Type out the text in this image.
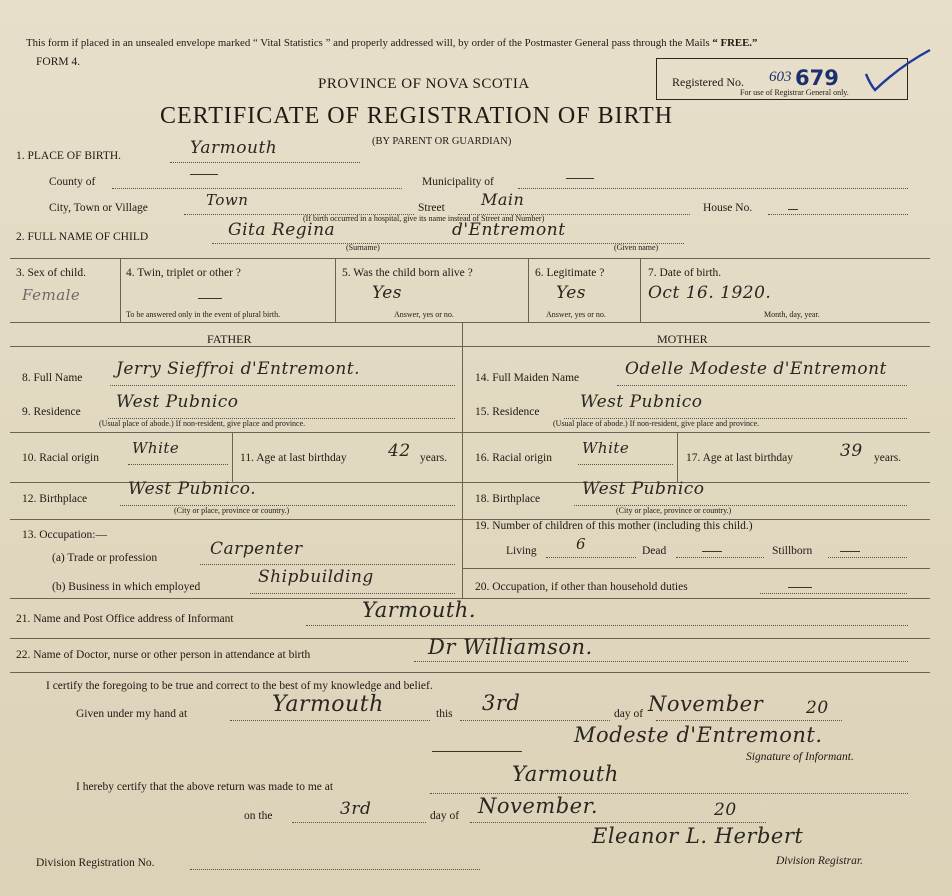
This form if placed in an unsealed envelope marked “ Vital Statistics ” and properly addressed will, by order of the Postmaster General pass through the Mails “ FREE.”
FORM 4.
PROVINCE OF NOVA SCOTIA
CERTIFICATE OF REGISTRATION OF BIRTH
(BY PARENT OR GUARDIAN)
Registered No. 603 679
For use of Registrar General only.
1. PLACE OF BIRTH.	Yarmouth
County of	Municipality of
City, Town or Village	Town	Street Main	House No.
(If birth occurred in a hospital, give its name instead of Street and Number)
2. FULL NAME OF CHILD	Gita Regina	d'Entremont
(Surname)	(Given name)
3. Sex of child.
Female
4. Twin, triplet or other ?
To be answered only in the event of plural birth.
5. Was the child born alive ?
Yes
Answer, yes or no.
6. Legitimate ?
Yes
Answer, yes or no.
7. Date of birth.
Oct 16. 1920.
Month, day, year.
FATHER	MOTHER
8. Full Name Jerry Sieffroi d'Entremont.
9. Residence West Pubnico
(Usual place of abode.) If non-resident, give place and province.
10. Racial origin
White
11. Age at last birthday 42 years.
12. Birthplace West Pubnico.
(City or place, province or country.)
13. Occupation:—
(a) Trade or profession	Carpenter
(b) Business in which employed	Shipbuilding
14. Full Maiden Name	Odelle Modeste d'Entremont
15. Residence West Pubnico
(Usual place of abode.) If non-resident, give place and province.
16. Racial origin
White
17. Age at last birthday	39 years.
18. Birthplace West Pubnico
(City or place, province or country.)
19. Number of children of this mother (including this child.)
Living	6	Dead	Stillborn
20. Occupation, if other than household duties
21. Name and Post Office address of Informant	Yarmouth.
22. Name of Doctor, nurse or other person in attendance at birth	Dr Williamson.
I certify the foregoing to be true and correct to the best of my knowledge and belief.
Given under my hand at	Yarmouth	this 3rd	day of November	20
Modeste d'Entremont.
Signature of Informant.
I hereby certify that the above return was made to me at
Yarmouth
on the	3rd	day of November.	20
Eleanor L. Herbert
Division Registrar.
Division Registration No.
